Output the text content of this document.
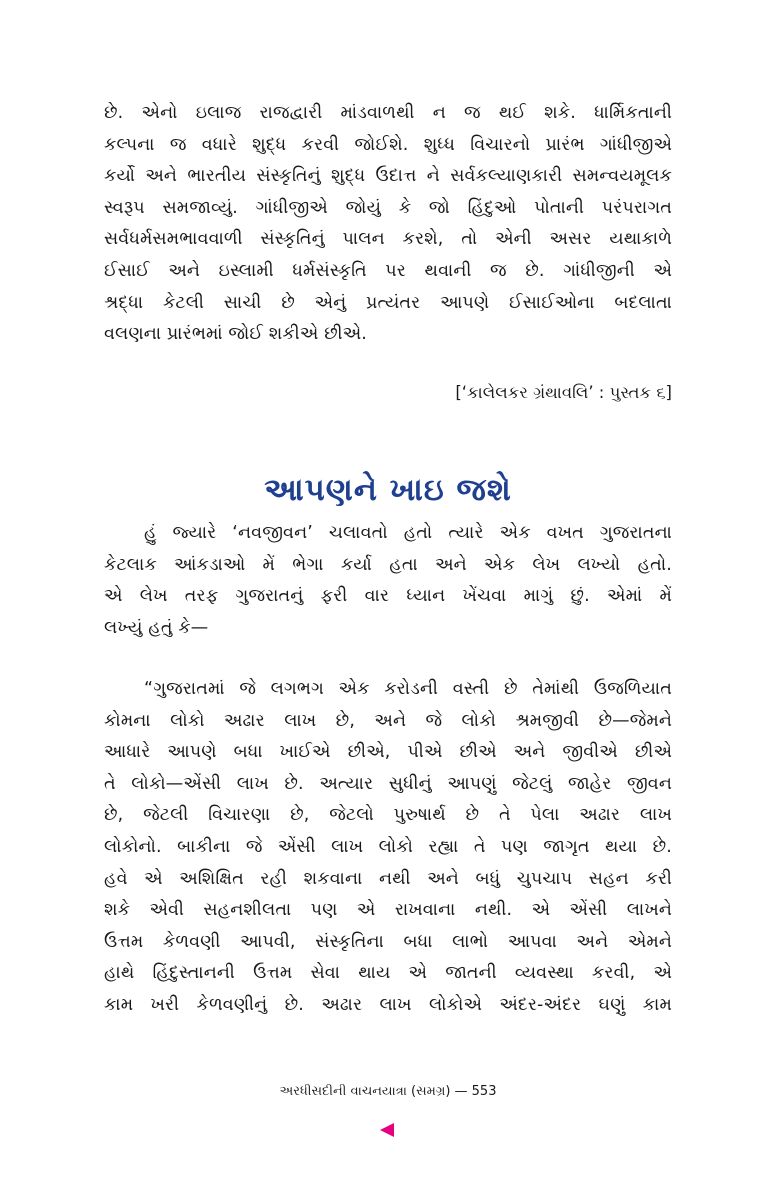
છે. એનો ઇલાજ રાજદ્વારી માંડવાળથી ન જ થઈ શકે. ધાર્મિકતાની
કલ્પના જ વધારે શુદ્ધ કરવી જોઈશે. શુધ્ધ વિચારનો પ્રારંભ ગાંધીજીએ
કર્યો અને ભારતીય સંસ્કૃતિનું શુદ્ધ ઉદાત્ત ને સર્વકલ્યાણકારી સમન્વયમૂલક
સ્વરૂપ સમજાવ્યું. ગાંધીજીએ જોયું કે જો હિંદુઓ પોતાની પરંપરાગત
સર્વધર્મસમભાવવાળી સંસ્કૃતિનું પાલન કરશે, તો એની અસર યથાકાળે
ઈસાઈ અને ઇસ્લામી ધર્મસંસ્કૃતિ પર થવાની જ છે. ગાંધીજીની એ
શ્રદ્ધા કેટલી સાચી છે એનું પ્રત્યંતર આપણે ઈસાઈઓના બદલાતા
વલણના પ્રારંભમાં જોઈ શકીએ છીએ.
[‘કાલેલકર ગ્રંથાવલિ’ : પુસ્તક ૬]
આપણને ખાઇ જશે
હું જ્યારે ‘નવજીવન’ ચલાવતો હતો ત્યારે એક વખત ગુજરાતના
કેટલાક આંકડાઓ મેં ભેગા કર્યા હતા અને એક લેખ લખ્યો હતો.
એ લેખ તરફ ગુજરાતનું ફરી વાર ધ્યાન ખેંચવા માગું છું. એમાં મેં
લખ્યું હતું કે—
“ગુજરાતમાં જે લગભગ એક કરોડની વસ્તી છે તેમાંથી ઉજળિયાત
કોમના લોકો અઢાર લાખ છે, અને જે લોકો શ્રમજીવી છે—જેમને
આધારે આપણે બધા ખાઈએ છીએ, પીએ છીએ અને જીવીએ છીએ
તે લોકો—એંસી લાખ છે. અત્યાર સુધીનું આપણું જેટલું જાહેર જીવન
છે, જેટલી વિચારણા છે, જેટલો પુરુષાર્થ છે તે પેલા અઢાર લાખ
લોકોનો. બાકીના જે એંસી લાખ લોકો રહ્યા તે પણ જાગૃત થયા છે.
હવે એ અશિક્ષિત રહી શકવાના નથી અને બધું ચુપચાપ સહન કરી
શકે એવી સહનશીલતા પણ એ રાખવાના નથી. એ એંસી લાખને
ઉત્તમ કેળવણી આપવી, સંસ્કૃતિના બધા લાભો આપવા અને એમને
હાથે હિંદુસ્તાનની ઉત્તમ સેવા થાય એ જાતની વ્યવસ્થા કરવી, એ
કામ ખરી કેળવણીનું છે. અઢાર લાખ લોકોએ અંદર-અંદર ઘણું કામ
અરધીસદીની વાચનયાત્રા (સમગ્ર) — 553
